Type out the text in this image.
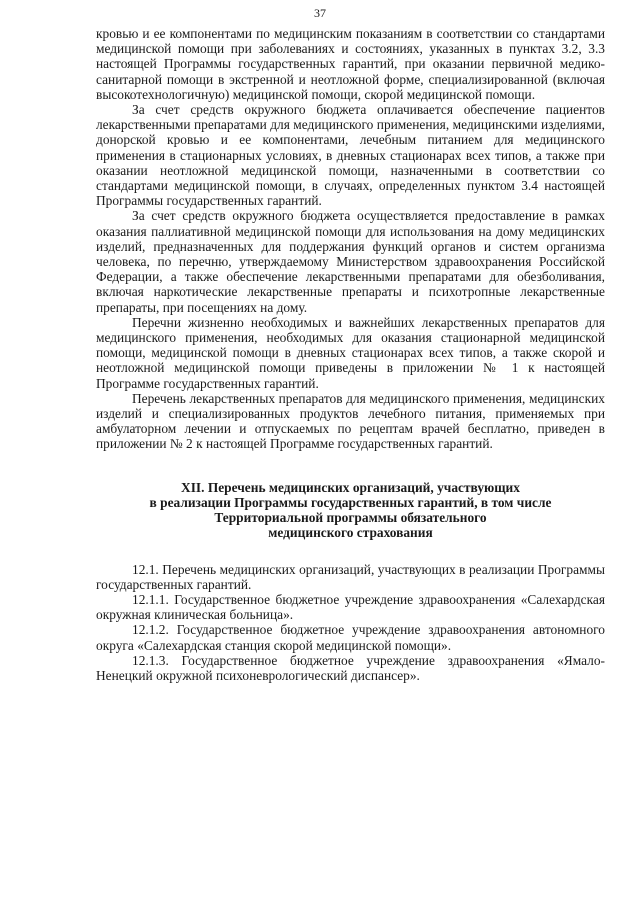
37

кровью и ее компонентами по медицинским показаниям в соответствии со стандартами медицинской помощи при заболеваниях и состояниях, указанных в пунктах 3.2, 3.3 настоящей Программы государственных гарантий, при оказании первичной медико-санитарной помощи в экстренной и неотложной форме, специализированной (включая высокотехнологичную) медицинской помощи, скорой медицинской помощи.

За счет средств окружного бюджета оплачивается обеспечение пациентов лекарственными препаратами для медицинского применения, медицинскими изделиями, донорской кровью и ее компонентами, лечебным питанием для медицинского применения в стационарных условиях, в дневных стационарах всех типов, а также при оказании неотложной медицинской помощи, назначенными в соответствии со стандартами медицинской помощи, в случаях, определенных пунктом 3.4 настоящей Программы государственных гарантий.

За счет средств окружного бюджета осуществляется предоставление в рамках оказания паллиативной медицинской помощи для использования на дому медицинских изделий, предназначенных для поддержания функций органов и систем организма человека, по перечню, утверждаемому Министерством здравоохранения Российской Федерации, а также обеспечение лекарственными препаратами для обезболивания, включая наркотические лекарственные препараты и психотропные лекарственные препараты, при посещениях на дому.

Перечни жизненно необходимых и важнейших лекарственных препаратов для медицинского применения, необходимых для оказания стационарной медицинской помощи, медицинской помощи в дневных стационарах всех типов, а также скорой и неотложной медицинской помощи приведены в приложении № 1 к настоящей Программе государственных гарантий.

Перечень лекарственных препаратов для медицинского применения, медицинских изделий и специализированных продуктов лечебного питания, применяемых при амбулаторном лечении и отпускаемых по рецептам врачей бесплатно, приведен в приложении № 2 к настоящей Программе государственных гарантий.

XII. Перечень медицинских организаций, участвующих
в реализации Программы государственных гарантий, в том числе
Территориальной программы обязательного
медицинского страхования

12.1. Перечень медицинских организаций, участвующих в реализации Программы государственных гарантий.

12.1.1. Государственное бюджетное учреждение здравоохранения «Салехардская окружная клиническая больница».

12.1.2. Государственное бюджетное учреждение здравоохранения автономного округа «Салехардская станция скорой медицинской помощи».

12.1.3. Государственное бюджетное учреждение здравоохранения «Ямало-Ненецкий окружной психоневрологический диспансер».
